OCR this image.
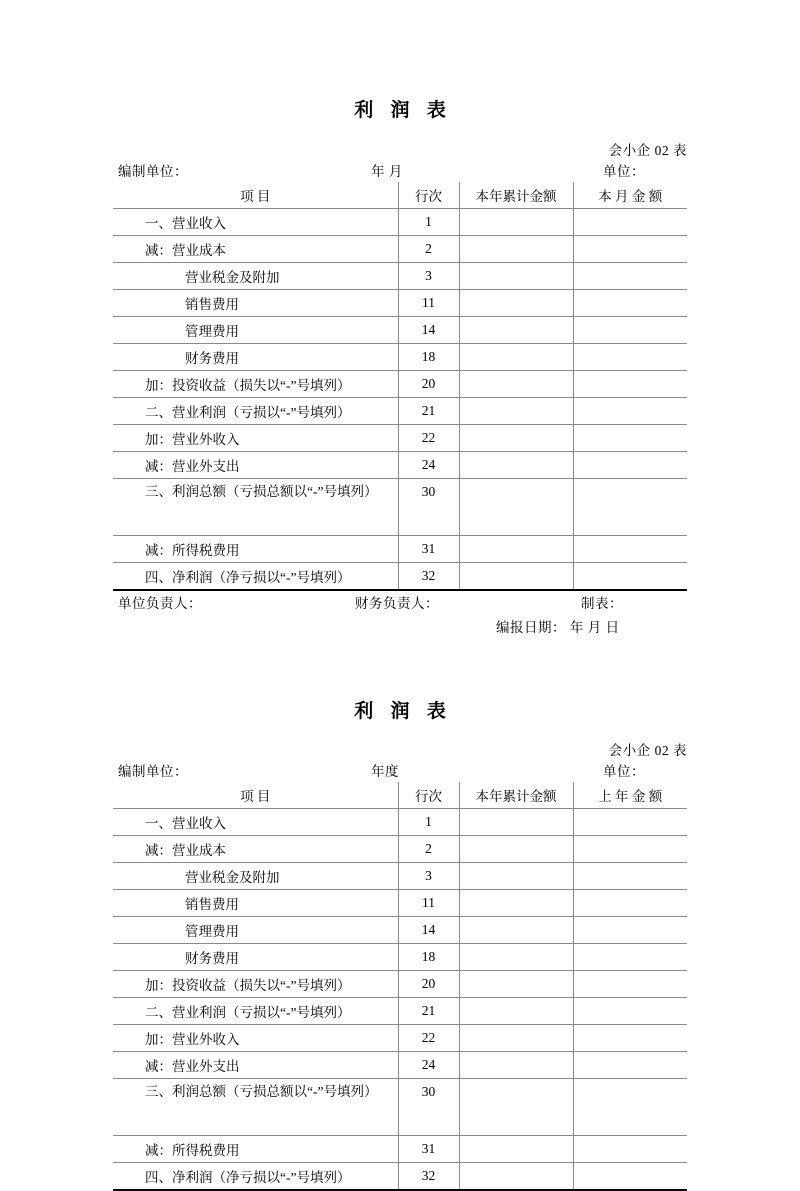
利 润 表
会小企 02 表
编制单位：	年 月	单位：
项 目	行次	本年累计金额	本 月 金 额
一、营业收入	1		
减：营业成本	2		
营业税金及附加	3		
销售费用	11		
管理费用	14		
财务费用	18		
加：投资收益（损失以“-”号填列）	20		
二、营业利润（亏损以“-”号填列）	21		
加：营业外收入	22		
减：营业外支出	24		
三、利润总额（亏损总额以“-”号填列）	30		
减：所得税费用	31		
四、净利润（净亏损以“-”号填列）	32		
单位负责人：	财务负责人：	制表：
编报日期： 年 月 日
利 润 表
会小企 02 表
编制单位：	年度	单位：
项 目	行次	本年累计金额	上 年 金 额
一、营业收入	1		
减：营业成本	2		
营业税金及附加	3		
销售费用	11		
管理费用	14		
财务费用	18		
加：投资收益（损失以“-”号填列）	20		
二、营业利润（亏损以“-”号填列）	21		
加：营业外收入	22		
减：营业外支出	24		
三、利润总额（亏损总额以“-”号填列）	30		
减：所得税费用	31		
四、净利润（净亏损以“-”号填列）	32		
